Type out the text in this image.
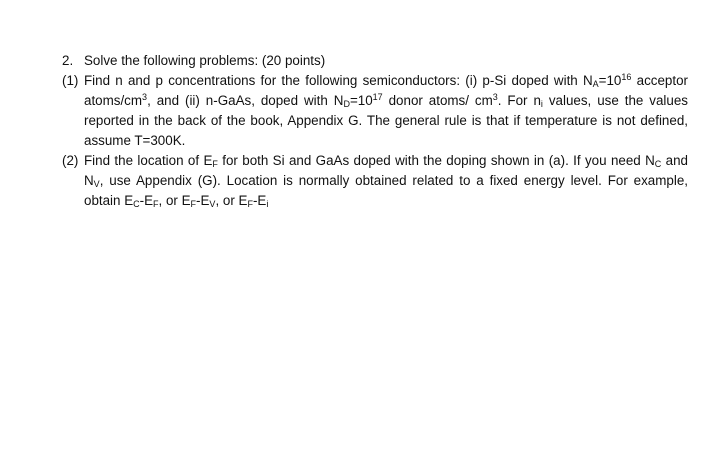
2. Solve the following problems: (20 points)
(1) Find n and p concentrations for the following semiconductors: (i) p-Si doped with $N_A=10^{16}$ acceptor atoms/$cm^3$, and (ii) n-GaAs, doped with $N_D=10^{17}$ donor atoms/ $cm^3$. For $n_i$ values, use the values reported in the back of the book, Appendix G. The general rule is that if temperature is not defined, assume T=300K.
(2) Find the location of $E_F$ for both Si and GaAs doped with the doping shown in (a). If you need $N_C$ and $N_V$, use Appendix (G). Location is normally obtained related to a fixed energy level. For example, obtain $E_C-E_F$, or $E_F-E_V$, or $E_F-E_i$
